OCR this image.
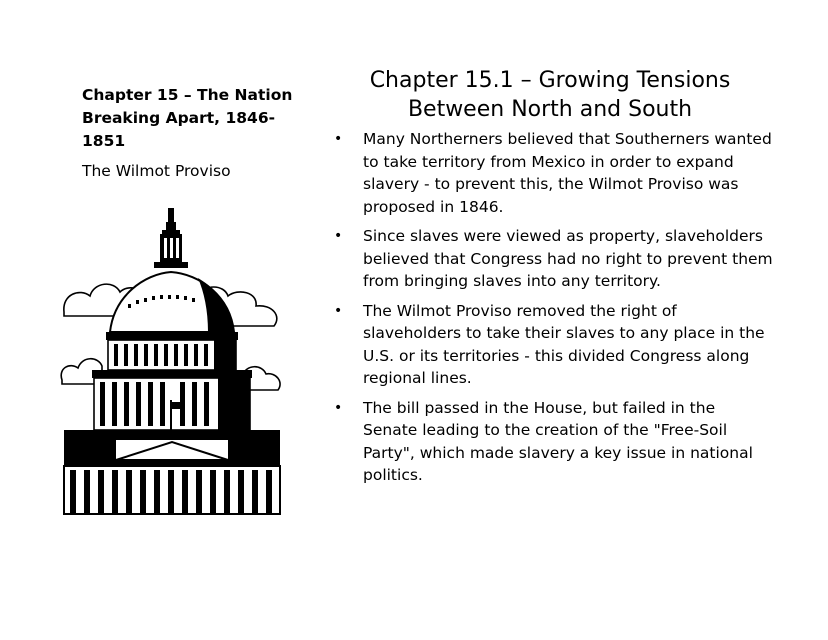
Chapter 15 – The Nation
Breaking Apart, 1846-1851

The Wilmot Proviso

Chapter 15.1 – Growing Tensions
Between North and South
• Many Northerners believed that Southerners wanted to take territory from Mexico in order to expand slavery - to prevent this, the Wilmot Proviso was proposed in 1846.
• Since slaves were viewed as property, slaveholders believed that Congress had no right to prevent them from bringing slaves into any territory.
• The Wilmot Proviso removed the right of slaveholders to take their slaves to any place in the U.S. or its territories - this divided Congress along regional lines.
• The bill passed in the House, but failed in the Senate leading to the creation of the "Free-Soil Party", which made slavery a key issue in national politics.
